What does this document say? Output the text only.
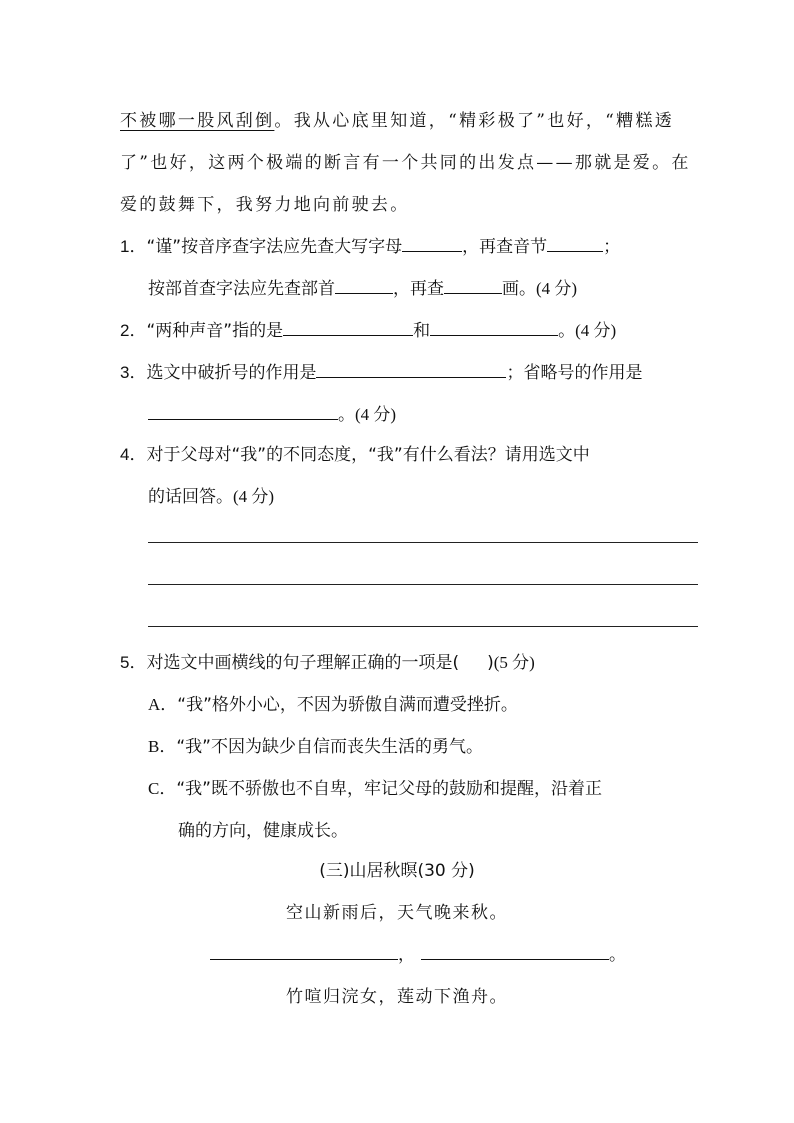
不被哪一股风刮倒。我从心底里知道，“精彩极了”也好，“糟糕透
了”也好，这两个极端的断言有一个共同的出发点——那就是爱。在
爱的鼓舞下，我努力地向前驶去。
1．“谨”按音序查字法应先查大写字母	，再查音节	；
按部首查字法应先查部首	，再查	画。(4 分)
2．“两种声音”指的是	和	。(4 分)
3．选文中破折号的作用是	；省略号的作用是
。(4 分)
4．对于父母对“我”的不同态度，“我”有什么看法？请用选文中
的话回答。(4 分)
5．对选文中画横线的句子理解正确的一项是( )(5 分)
A．“我”格外小心，不因为骄傲自满而遭受挫折。
B．“我”不因为缺少自信而丧失生活的勇气。
C．“我”既不骄傲也不自卑，牢记父母的鼓励和提醒，沿着正
确的方向，健康成长。
(三)山居秋暝(30 分)
空山新雨后，天气晚来秋。
，	。
竹喧归浣女，莲动下渔舟。
